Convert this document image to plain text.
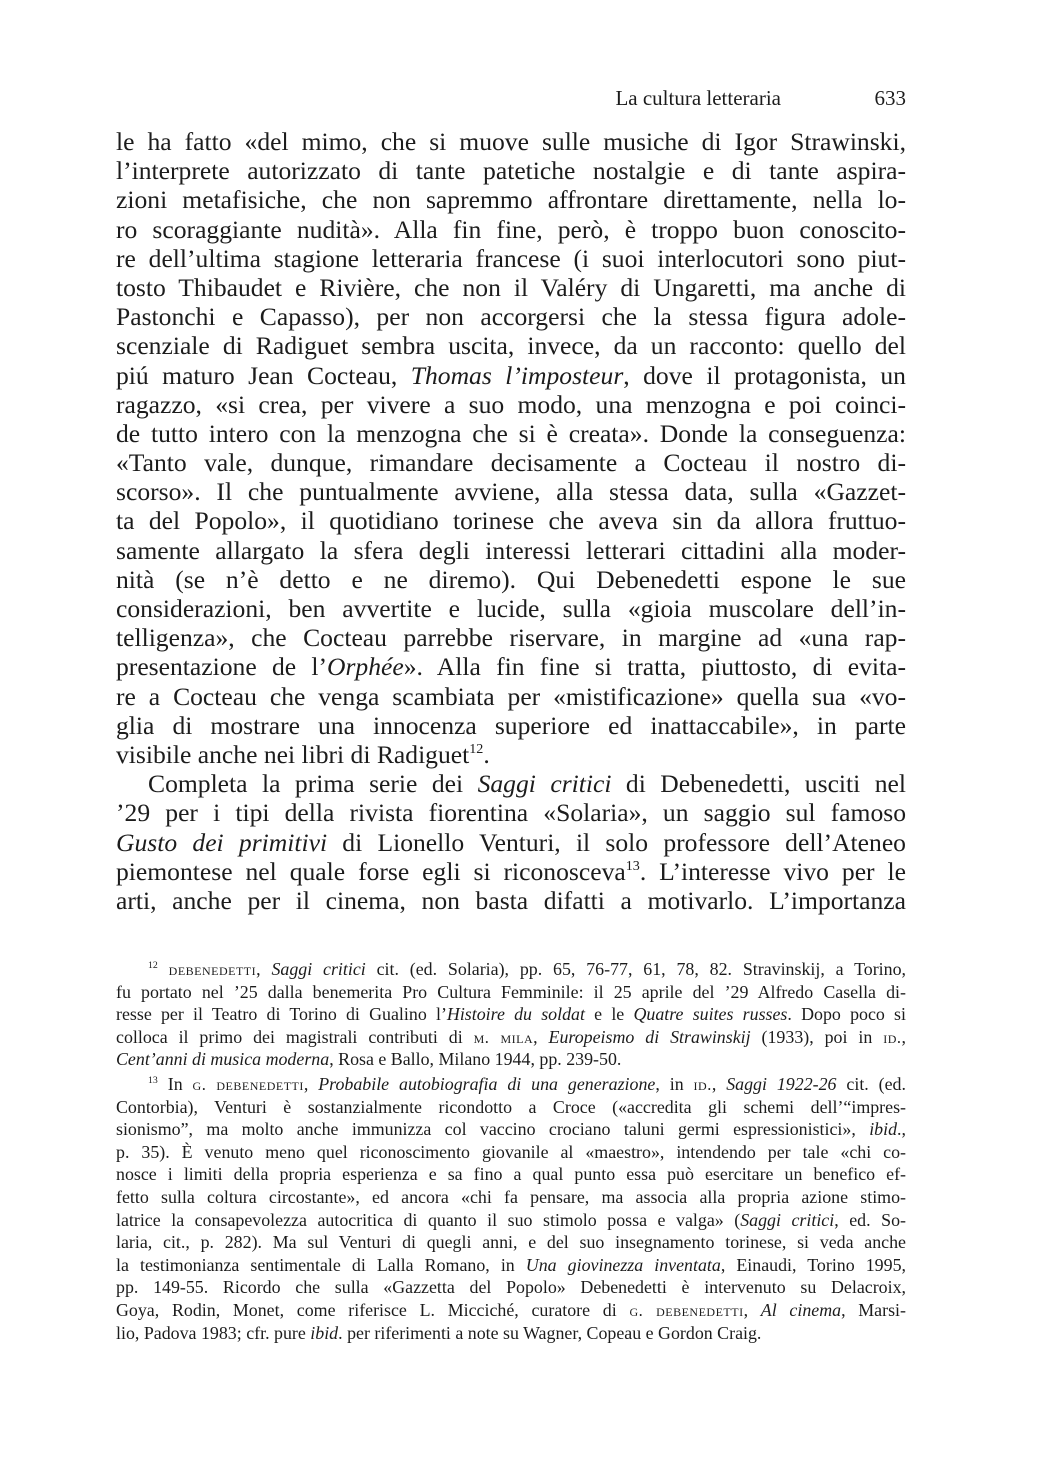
La cultura letteraria	633
le ha fatto «del mimo, che si muove sulle musiche di Igor Strawinski,
l’interprete autorizzato di tante patetiche nostalgie e di tante aspira-
zioni metafisiche, che non sapremmo affrontare direttamente, nella lo-
ro scoraggiante nudità». Alla fin fine, però, è troppo buon conoscito-
re dell’ultima stagione letteraria francese (i suoi interlocutori sono piut-
tosto Thibaudet e Rivière, che non il Valéry di Ungaretti, ma anche di
Pastonchi e Capasso), per non accorgersi che la stessa figura adole-
scenziale di Radiguet sembra uscita, invece, da un racconto: quello del
piú maturo Jean Cocteau, Thomas l’imposteur, dove il protagonista, un
ragazzo, «si crea, per vivere a suo modo, una menzogna e poi coinci-
de tutto intero con la menzogna che si è creata». Donde la conseguenza:
«Tanto vale, dunque, rimandare decisamente a Cocteau il nostro di-
scorso». Il che puntualmente avviene, alla stessa data, sulla «Gazzet-
ta del Popolo», il quotidiano torinese che aveva sin da allora fruttuo-
samente allargato la sfera degli interessi letterari cittadini alla moder-
nità (se n’è detto e ne diremo). Qui Debenedetti espone le sue
considerazioni, ben avvertite e lucide, sulla «gioia muscolare dell’in-
telligenza», che Cocteau parrebbe riservare, in margine ad «una rap-
presentazione de l’Orphée». Alla fin fine si tratta, piuttosto, di evita-
re a Cocteau che venga scambiata per «mistificazione» quella sua «vo-
glia di mostrare una innocenza superiore ed inattaccabile», in parte
visibile anche nei libri di Radiguet$^{12}$.
Completa la prima serie dei Saggi critici di Debenedetti, usciti nel
’29 per i tipi della rivista fiorentina «Solaria», un saggio sul famoso
Gusto dei primitivi di Lionello Venturi, il solo professore dell’Ateneo
piemontese nel quale forse egli si riconosceva$^{13}$. L’interesse vivo per le
arti, anche per il cinema, non basta difatti a motivarlo. L’importanza
$^{12}$ debenedetti, Saggi critici cit. (ed. Solaria), pp. 65, 76-77, 61, 78, 82. Stravinskij, a Torino,
fu portato nel ’25 dalla benemerita Pro Cultura Femminile: il 25 aprile del ’29 Alfredo Casella di-
resse per il Teatro di Torino di Gualino l’Histoire du soldat e le Quatre suites russes. Dopo poco si
colloca il primo dei magistrali contributi di m. mila, Europeismo di Strawinskij (1933), poi in id.,
Cent’anni di musica moderna, Rosa e Ballo, Milano 1944, pp. 239-50.
$^{13}$ In g. debenedetti, Probabile autobiografia di una generazione, in id., Saggi 1922-26 cit. (ed.
Contorbia), Venturi è sostanzialmente ricondotto a Croce («accredita gli schemi dell’“impres-
sionismo”, ma molto anche immunizza col vaccino crociano taluni germi espressionistici», ibid.,
p. 35). È venuto meno quel riconoscimento giovanile al «maestro», intendendo per tale «chi co-
nosce i limiti della propria esperienza e sa fino a qual punto essa può esercitare un benefico ef-
fetto sulla coltura circostante», ed ancora «chi fa pensare, ma associa alla propria azione stimo-
latrice la consapevolezza autocritica di quanto il suo stimolo possa e valga» (Saggi critici, ed. So-
laria, cit., p. 282). Ma sul Venturi di quegli anni, e del suo insegnamento torinese, si veda anche
la testimonianza sentimentale di Lalla Romano, in Una giovinezza inventata, Einaudi, Torino 1995,
pp. 149-55. Ricordo che sulla «Gazzetta del Popolo» Debenedetti è intervenuto su Delacroix,
Goya, Rodin, Monet, come riferisce L. Micciché, curatore di g. debenedetti, Al cinema, Marsi-
lio, Padova 1983; cfr. pure ibid. per riferimenti a note su Wagner, Copeau e Gordon Craig.
